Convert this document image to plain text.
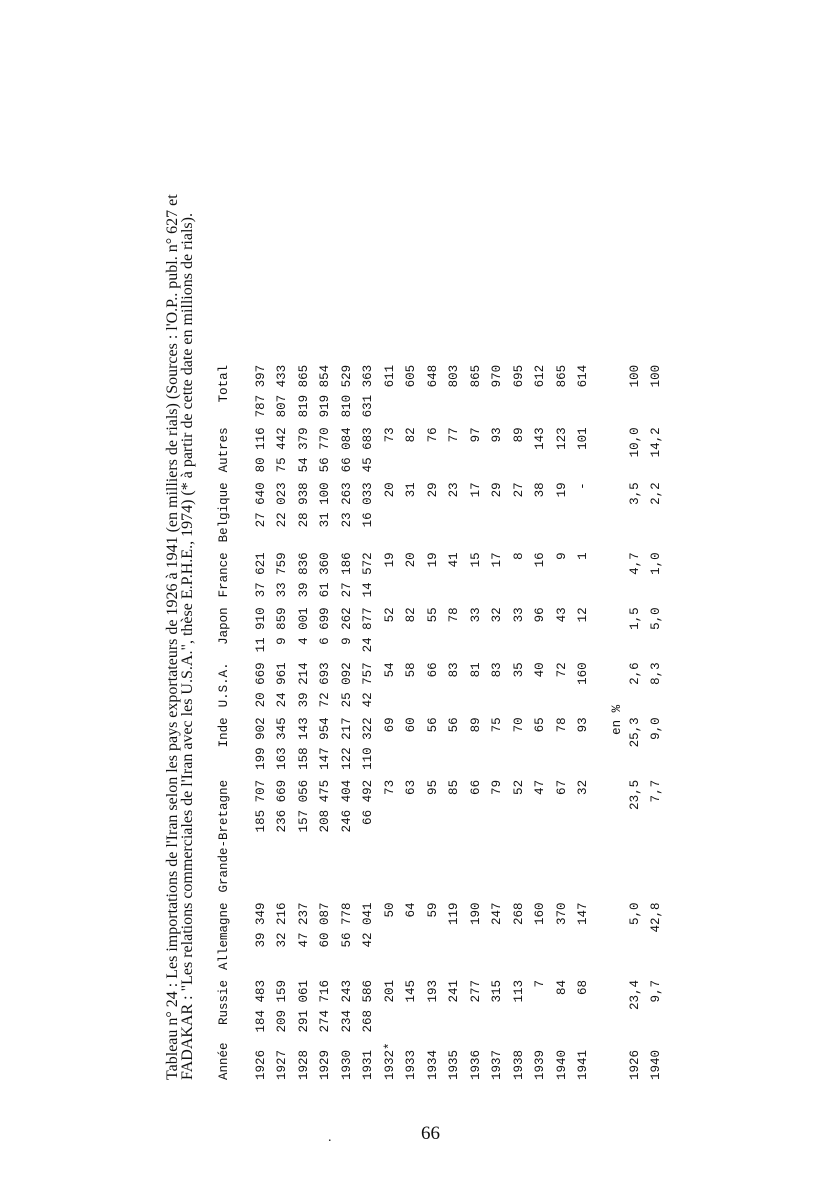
Tableau n° 24 : Les importations de l'Iran selon les pays exportateurs de 1926 à 1941 (en milliers de rials) (Sources : l'O.P.. publ. n° 627 et
FADAKAR : "Les relations commerciales de l'Iran avec les U.S.A.", thèse E.P.H.E., 1974) (* à partir de cette date en millions de rials). Année	Russie	Allemagne	Grande-Bretagne	Inde	U.S.A.	Japon	France	Belgique	Autres	Total
1926	184 483	39 349	185 707	199 902	20 669	11 910	37 621	27 640	80 116	787 397
1927	209 159	32 216	236 669	163 345	24 961	9 859	33 759	22 023	75 442	807 433
1928	291 061	47 237	157 056	158 143	39 214	4 001	39 836	28 938	54 379	819 865
1929	274 716	60 087	208 475	147 954	72 693	6 699	61 360	31 100	56 770	919 854
1930	234 243	56 778	246 404	122 217	25 092	9 262	27 186	23 263	66 084	810 529
1931	268 586	42 041	66 492	110 322	42 757	24 877	14 572	16 033	45 683	631 363
1932*	201	50	73	69	54	52	19	20	73	611
1933	145	64	63	60	58	82	20	31	82	605
1934	193	59	95	56	66	55	19	29	76	648
1935	241	119	85	56	83	78	41	23	77	803
1936	277	190	66	89	81	33	15	17	97	865
1937	315	247	79	75	83	32	17	29	93	970
1938	113	268	52	70	35	33	8	27	89	695
1939	7	160	47	65	40	96	16	38	143	612
1940	84	370	67	78	72	43	9	19	123	865
1941	68	147	32	93	160	12	1	-	101	614
en %										
1926	23,4	5,0	23,5	25,3	2,6	1,5	4,7	3,5	10,0	100
1940	9,7	42,8	7,7	9,0	8,3	5,0	1,0	2,2	14,2	100
.	66
